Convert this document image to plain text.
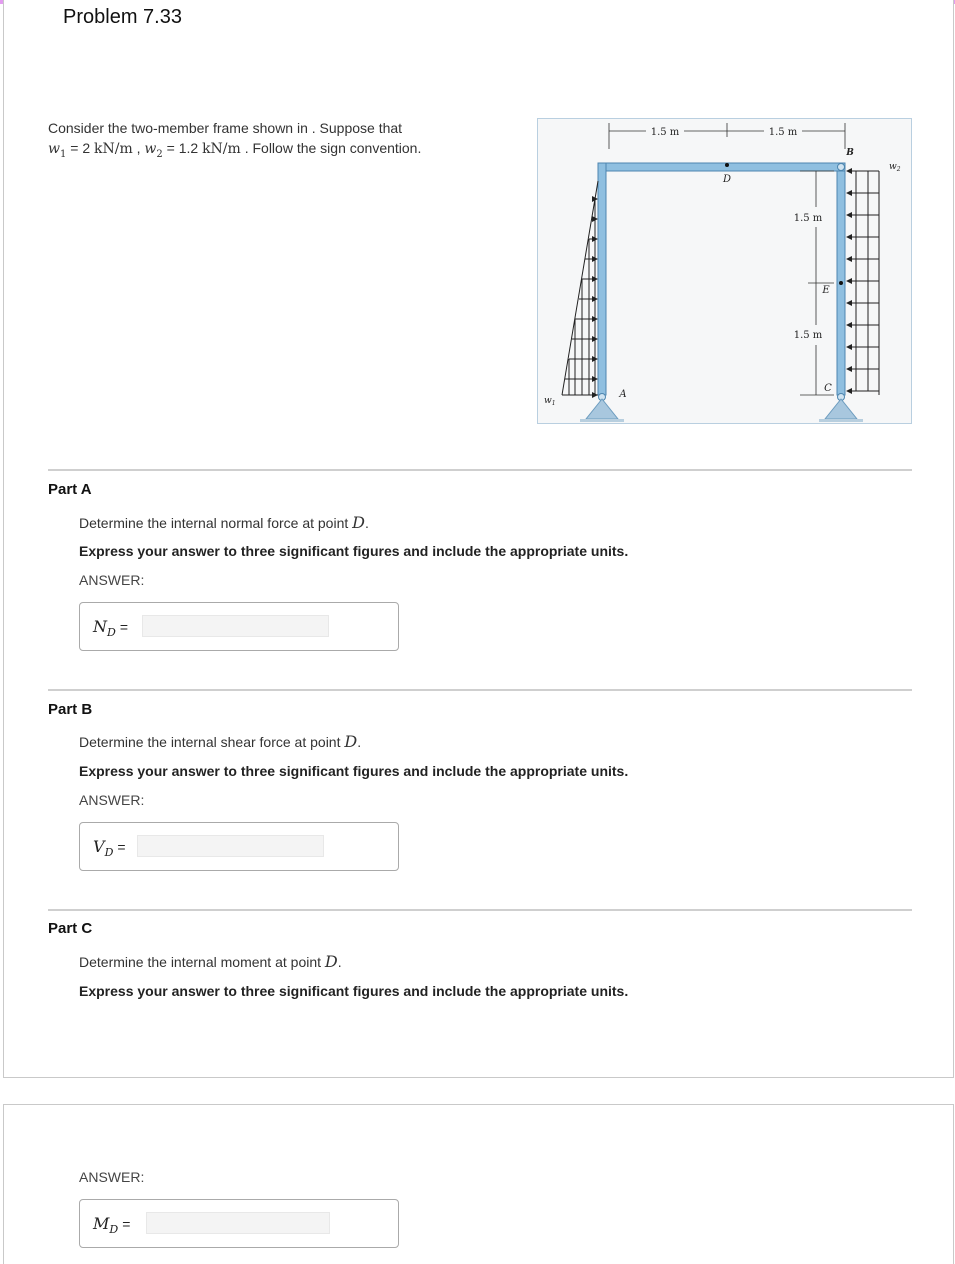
Problem 7.33
Consider the two-member frame shown in . Suppose that
$w_1 = 2$ kN/m , $w_2 = 1.2$ kN/m . Follow the sign convention.
1.5 m	1.5 m
1.5 m
1.5 m
D
E
B
C
A
$w_1$
$w_2$
Part A
Determine the internal normal force at point D.
Express your answer to three significant figures and include the appropriate units.
ANSWER:
$N_D$ =
Part B
Determine the internal shear force at point D.
Express your answer to three significant figures and include the appropriate units.
ANSWER:
$V_D$ =
Part C
Determine the internal moment at point D.
Express your answer to three significant figures and include the appropriate units.
ANSWER:
$M_D$ =
